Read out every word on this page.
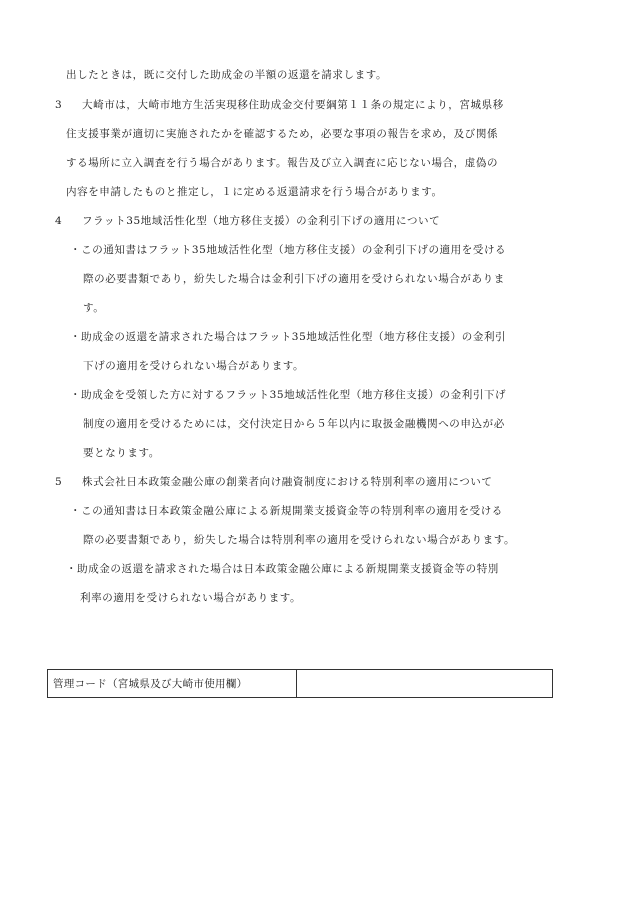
出したときは，既に交付した助成金の半額の返還を請求します。
3 大崎市は，大崎市地方生活実現移住助成金交付要綱第１１条の規定により，宮城県移
住支援事業が適切に実施されたかを確認するため，必要な事項の報告を求め，及び関係
する場所に立入調査を行う場合があります。報告及び立入調査に応じない場合，虚偽の
内容を申請したものと推定し，１に定める返還請求を行う場合があります。
4 フラット35地域活性化型（地方移住支援）の金利引下げの適用について
・この通知書はフラット35地域活性化型（地方移住支援）の金利引下げの適用を受ける
際の必要書類であり，紛失した場合は金利引下げの適用を受けられない場合がありま
す。
・助成金の返還を請求された場合はフラット35地域活性化型（地方移住支援）の金利引
下げの適用を受けられない場合があります。
・助成金を受領した方に対するフラット35地域活性化型（地方移住支援）の金利引下げ
制度の適用を受けるためには，交付決定日から５年以内に取扱金融機関への申込が必
要となります。
5 株式会社日本政策金融公庫の創業者向け融資制度における特別利率の適用について
・この通知書は日本政策金融公庫による新規開業支援資金等の特別利率の適用を受ける
際の必要書類であり，紛失した場合は特別利率の適用を受けられない場合があります。
・助成金の返還を請求された場合は日本政策金融公庫による新規開業支援資金等の特別
利率の適用を受けられない場合があります。
管理コード（宮城県及び大崎市使用欄）
